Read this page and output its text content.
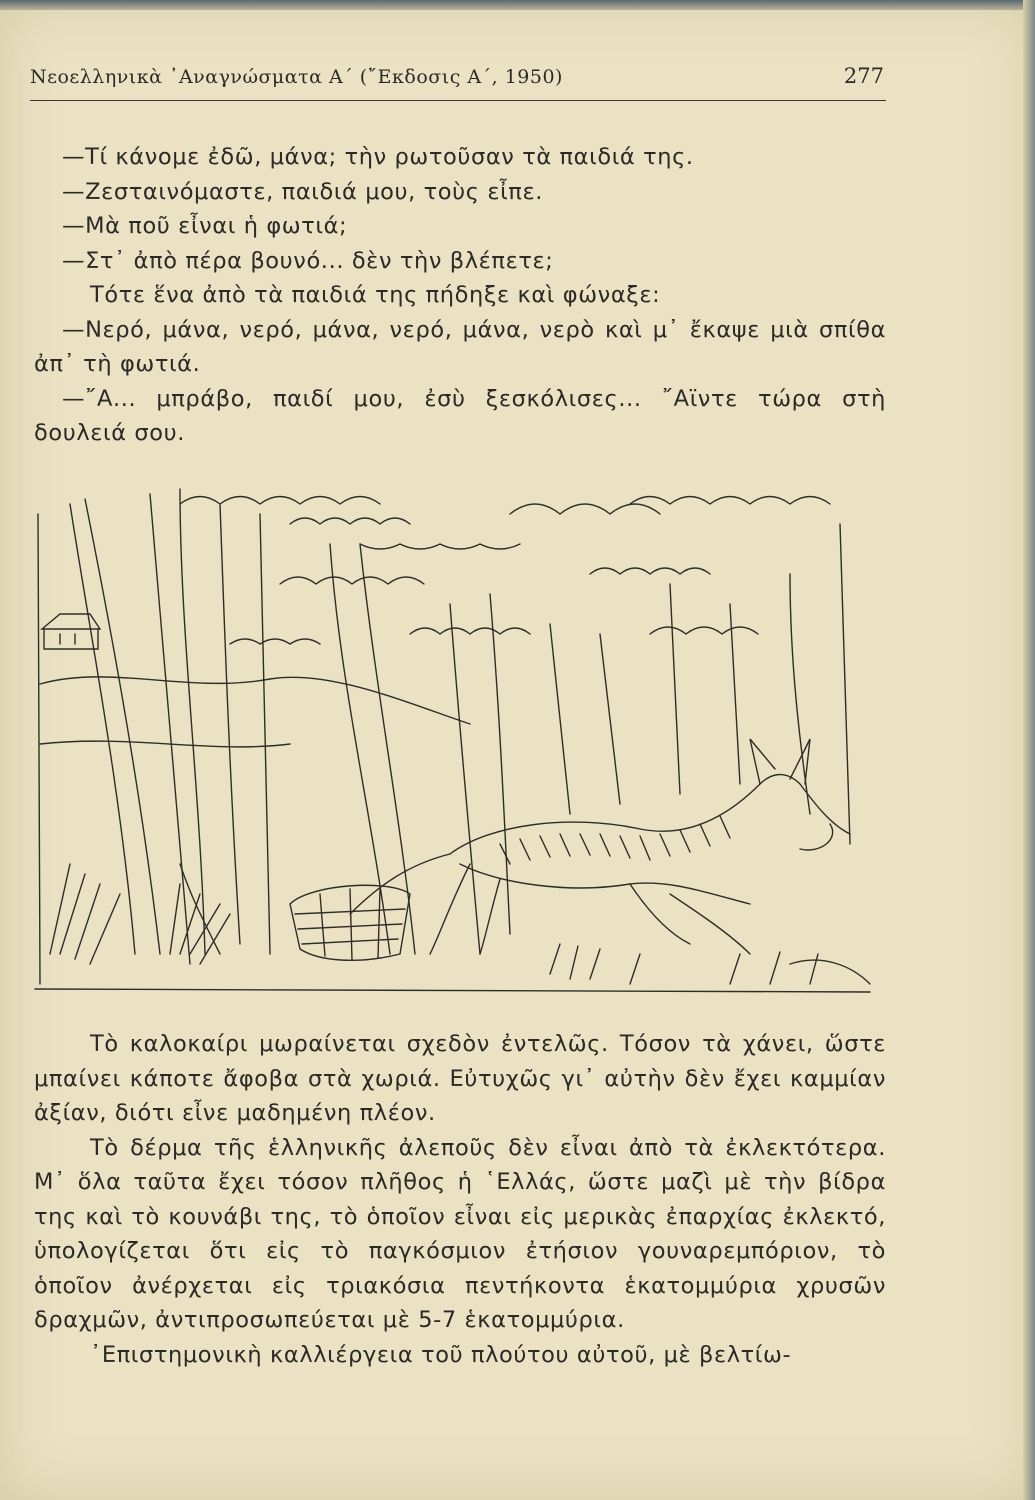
Νεοελληνικὰ ᾿Αναγνώσματα Α΄ (῎Εκδοσις Α΄, 1950)	277

—Τί κάνομε ἐδῶ, μάνα; τὴν ρωτοῦσαν τὰ παιδιά της.

—Ζεσταινόμαστε, παιδιά μου, τοὺς εἶπε.

—Μὰ ποῦ εἶναι ἡ φωτιά;

—Στ᾿ ἀπὸ πέρα βουνό... δὲν τὴν βλέπετε;

Τότε ἕνα ἀπὸ τὰ παιδιά της πήδηξε καὶ φώναξε:

—Νερό, μάνα, νερό, μάνα, νερό, μάνα, νερὸ καὶ μ᾿ ἔκαψε μιὰ σπίθα ἀπ᾿ τὴ φωτιά.

—῎Α... μπράβο, παιδί μου, ἐσὺ ξεσκόλισες... ῎Αϊντε τώρα στὴ δουλειά σου.

Τὸ καλοκαίρι μωραίνεται σχεδὸν ἐντελῶς. Τόσον τὰ χάνει, ὥστε μπαίνει κάποτε ἄφοβα στὰ χωριά. Εὐτυχῶς γι᾿ αὐτὴν δὲν ἔχει καμμίαν ἀξίαν, διότι εἶνε μαδημένη πλέον.

Τὸ δέρμα τῆς ἑλληνικῆς ἀλεποῦς δὲν εἶναι ἀπὸ τὰ ἐκλεκτότερα. Μ᾿ ὅλα ταῦτα ἔχει τόσον πλῆθος ἡ ῾Ελλάς, ὥστε μαζὶ μὲ τὴν βίδρα της καὶ τὸ κουνάβι της, τὸ ὁποῖον εἶναι εἰς μερικὰς ἐπαρχίας ἐκλεκτό, ὑπολογίζεται ὅτι εἰς τὸ παγκόσμιον ἐτήσιον γουναρεμπόριον, τὸ ὁποῖον ἀνέρχεται εἰς τριακόσια πεντήκοντα ἑκατομμύρια χρυσῶν δραχμῶν, ἀντιπροσωπεύεται μὲ 5-7 ἑκατομμύρια.

᾿Επιστημονικὴ καλλιέργεια τοῦ πλούτου αὐτοῦ, μὲ βελτίω-
